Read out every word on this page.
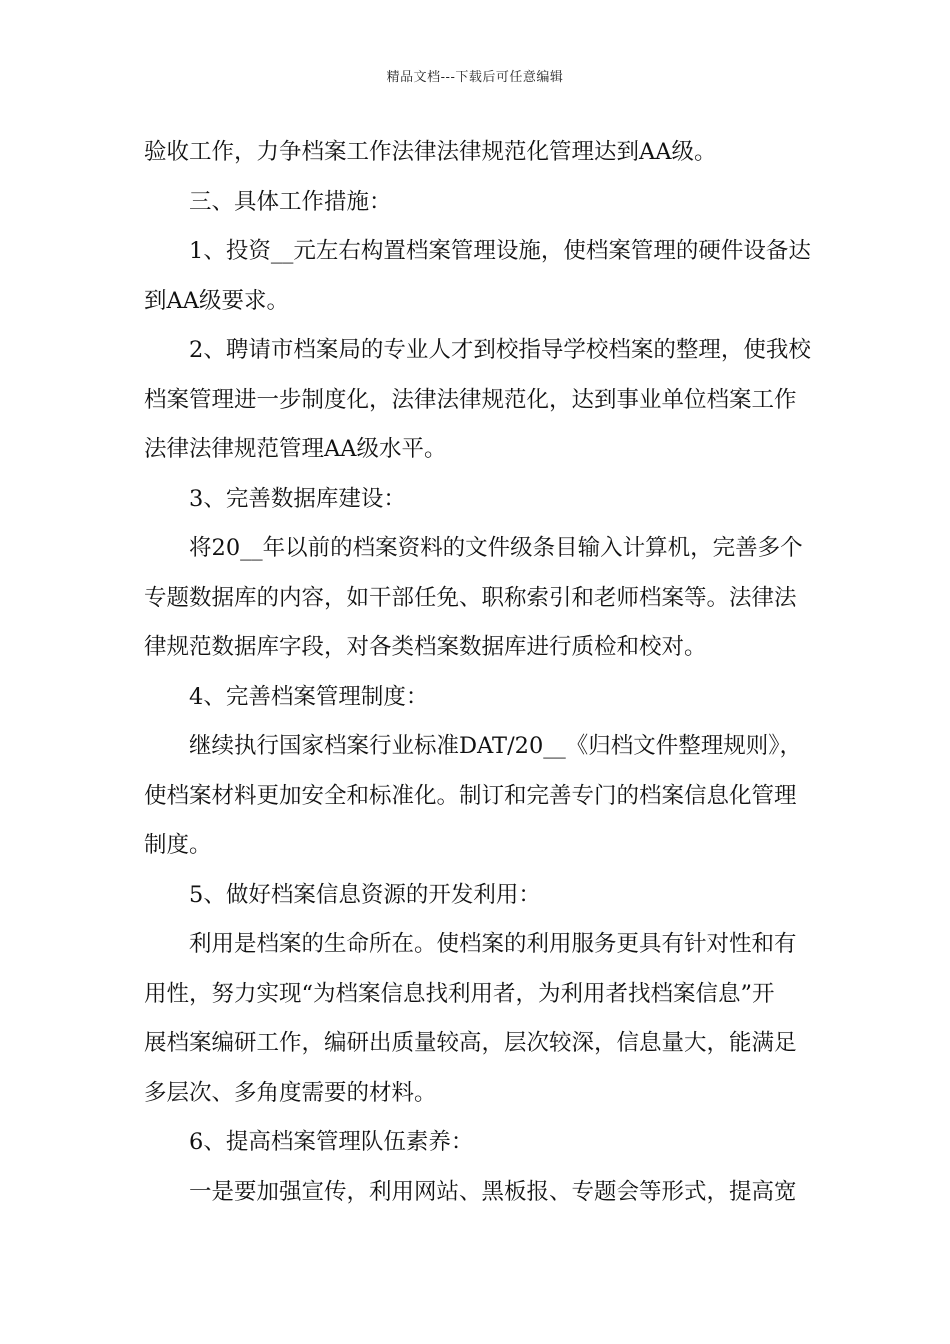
精品文档---下载后可任意编辑
验收工作，力争档案工作法律法律规范化管理达到AA级。
三、具体工作措施：
1、投资__元左右构置档案管理设施，使档案管理的硬件设备达
到AA级要求。
2、聘请市档案局的专业人才到校指导学校档案的整理，使我校
档案管理进一步制度化，法律法律规范化，达到事业单位档案工作
法律法律规范管理AA级水平。
3、完善数据库建设：
将20__年以前的档案资料的文件级条目输入计算机，完善多个
专题数据库的内容，如干部任免、职称索引和老师档案等。法律法
律规范数据库字段，对各类档案数据库进行质检和校对。
4、完善档案管理制度：
继续执行国家档案行业标准DAT/20__《归档文件整理规则》，
使档案材料更加安全和标准化。制订和完善专门的档案信息化管理
制度。
5、做好档案信息资源的开发利用：
利用是档案的生命所在。使档案的利用服务更具有针对性和有
用性，努力实现“为档案信息找利用者，为利用者找档案信息”开
展档案编研工作，编研出质量较高，层次较深，信息量大，能满足
多层次、多角度需要的材料。
6、提高档案管理队伍素养：
一是要加强宣传，利用网站、黑板报、专题会等形式，提高宽
